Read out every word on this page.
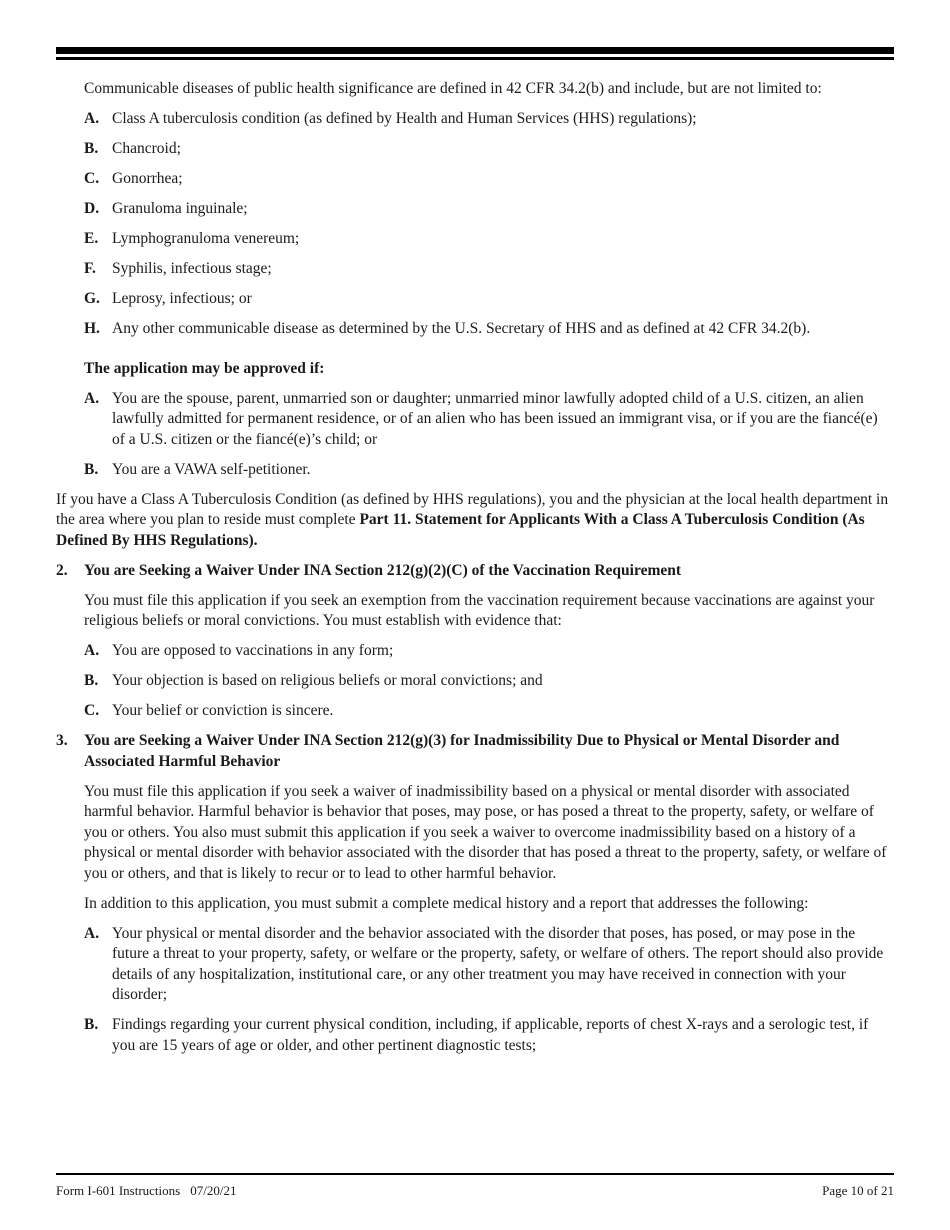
Communicable diseases of public health significance are defined in 42 CFR 34.2(b) and include, but are not limited to:

A. Class A tuberculosis condition (as defined by Health and Human Services (HHS) regulations);
B. Chancroid;
C. Gonorrhea;
D. Granuloma inguinale;
E. Lymphogranuloma venereum;
F. Syphilis, infectious stage;
G. Leprosy, infectious; or
H. Any other communicable disease as determined by the U.S. Secretary of HHS and as defined at 42 CFR 34.2(b).

The application may be approved if:

A. You are the spouse, parent, unmarried son or daughter; unmarried minor lawfully adopted child of a U.S. citizen, an alien lawfully admitted for permanent residence, or of an alien who has been issued an immigrant visa, or if you are the fiancé(e) of a U.S. citizen or the fiancé(e)’s child; or
B. You are a VAWA self-petitioner.

If you have a Class A Tuberculosis Condition (as defined by HHS regulations), you and the physician at the local health department in the area where you plan to reside must complete Part 11. Statement for Applicants With a Class A Tuberculosis Condition (As Defined By HHS Regulations).

2. You are Seeking a Waiver Under INA Section 212(g)(2)(C) of the Vaccination Requirement

You must file this application if you seek an exemption from the vaccination requirement because vaccinations are against your religious beliefs or moral convictions. You must establish with evidence that:

A. You are opposed to vaccinations in any form;
B. Your objection is based on religious beliefs or moral convictions; and
C. Your belief or conviction is sincere.
3. You are Seeking a Waiver Under INA Section 212(g)(3) for Inadmissibility Due to Physical or Mental Disorder and Associated Harmful Behavior

You must file this application if you seek a waiver of inadmissibility based on a physical or mental disorder with associated harmful behavior. Harmful behavior is behavior that poses, may pose, or has posed a threat to the property, safety, or welfare of you or others. You also must submit this application if you seek a waiver to overcome inadmissibility based on a history of a physical or mental disorder with behavior associated with the disorder that has posed a threat to the property, safety, or welfare of you or others, and that is likely to recur or to lead to other harmful behavior.

In addition to this application, you must submit a complete medical history and a report that addresses the following:

A. Your physical or mental disorder and the behavior associated with the disorder that poses, has posed, or may pose in the future a threat to your property, safety, or welfare or the property, safety, or welfare of others. The report should also provide details of any hospitalization, institutional care, or any other treatment you may have received in connection with your disorder;
B. Findings regarding your current physical condition, including, if applicable, reports of chest X-rays and a serologic test, if you are 15 years of age or older, and other pertinent diagnostic tests;
Form I-601 Instructions 07/20/21	Page 10 of 21
